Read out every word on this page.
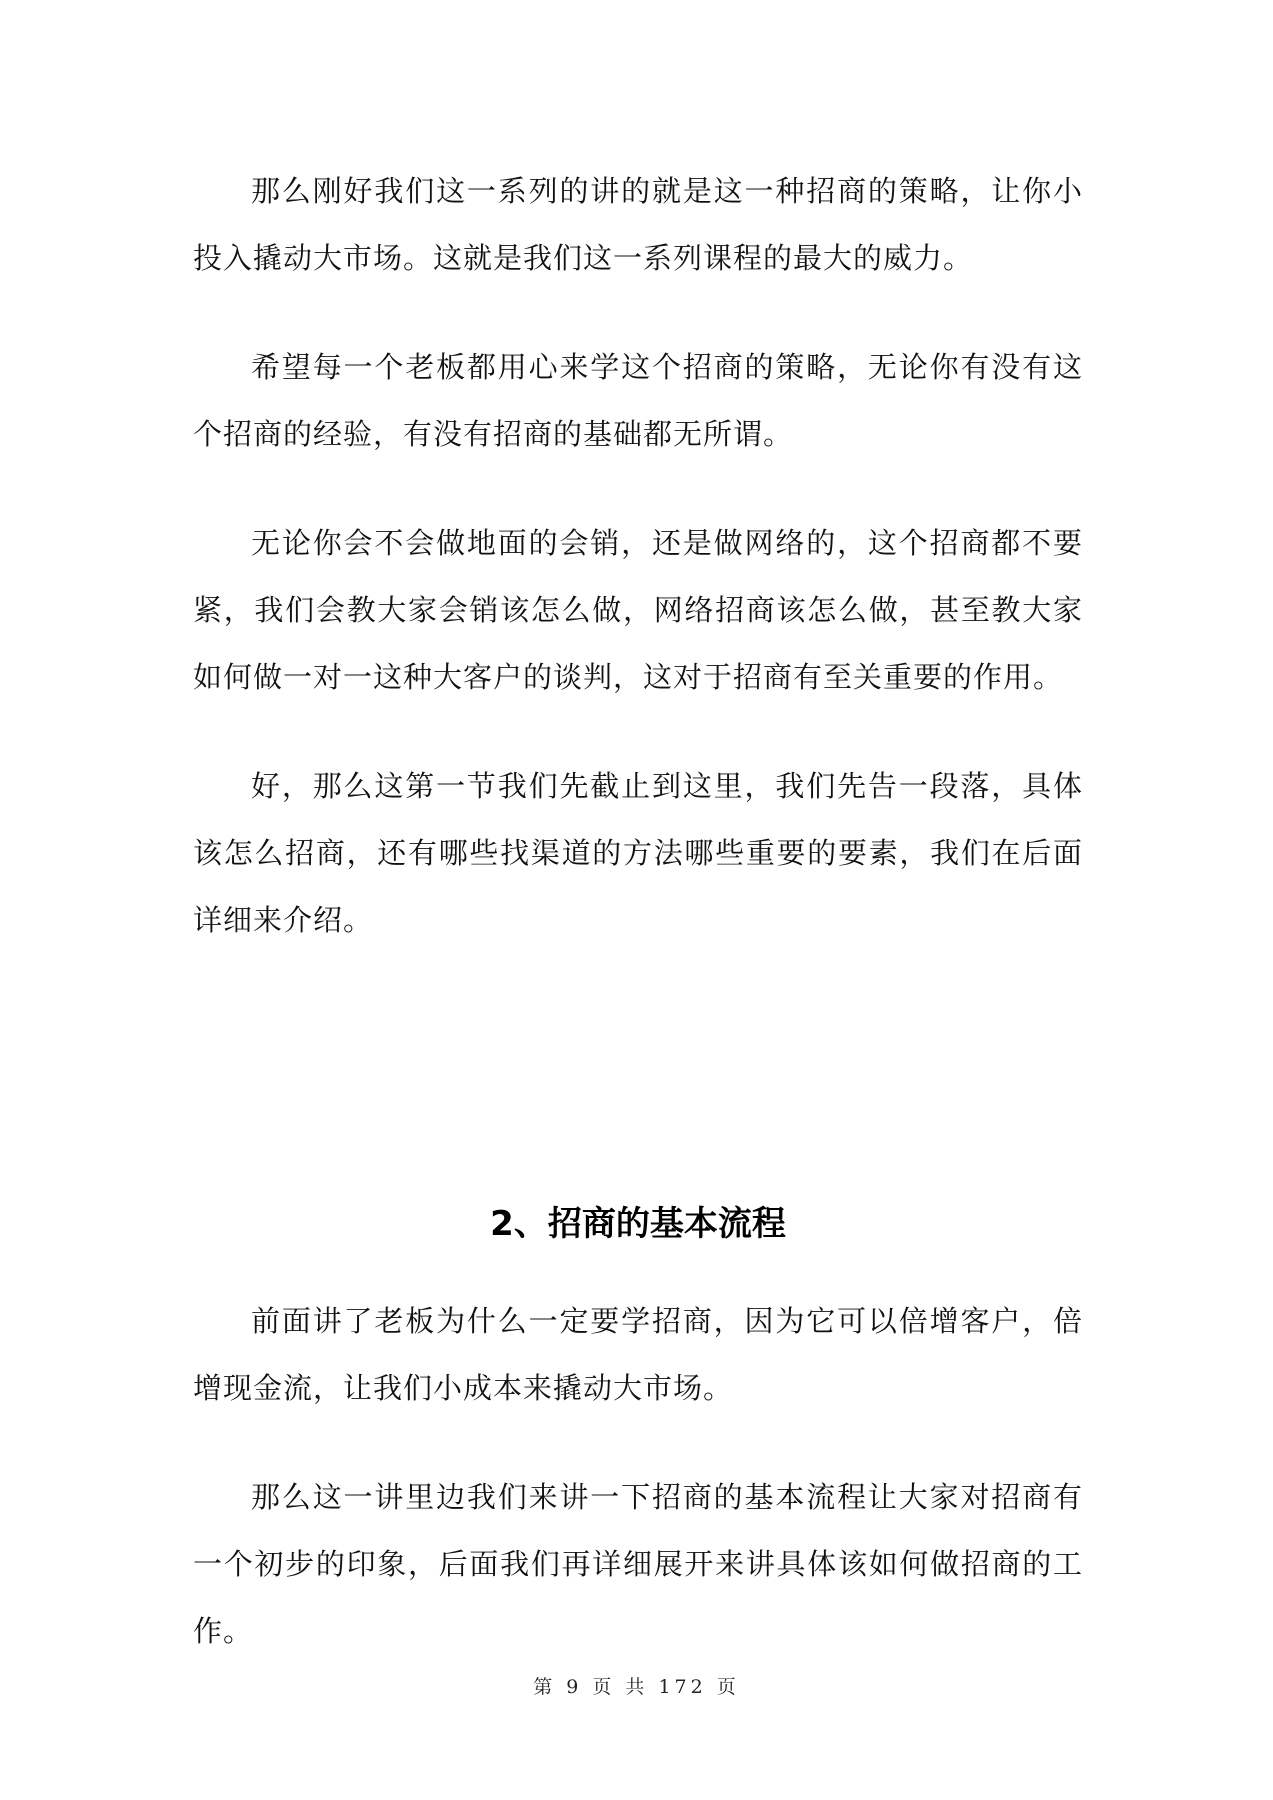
那么刚好我们这一系列的讲的就是这一种招商的策略，让你小投入撬动大市场。这就是我们这一系列课程的最大的威力。

希望每一个老板都用心来学这个招商的策略，无论你有没有这个招商的经验，有没有招商的基础都无所谓。

无论你会不会做地面的会销，还是做网络的，这个招商都不要紧，我们会教大家会销该怎么做，网络招商该怎么做，甚至教大家如何做一对一这种大客户的谈判，这对于招商有至关重要的作用。

好，那么这第一节我们先截止到这里，我们先告一段落，具体该怎么招商，还有哪些找渠道的方法哪些重要的要素，我们在后面详细来介绍。

2、招商的基本流程

前面讲了老板为什么一定要学招商，因为它可以倍增客户，倍增现金流，让我们小成本来撬动大市场。

那么这一讲里边我们来讲一下招商的基本流程让大家对招商有一个初步的印象，后面我们再详细展开来讲具体该如何做招商的工作。

第 9 页 共 172 页
